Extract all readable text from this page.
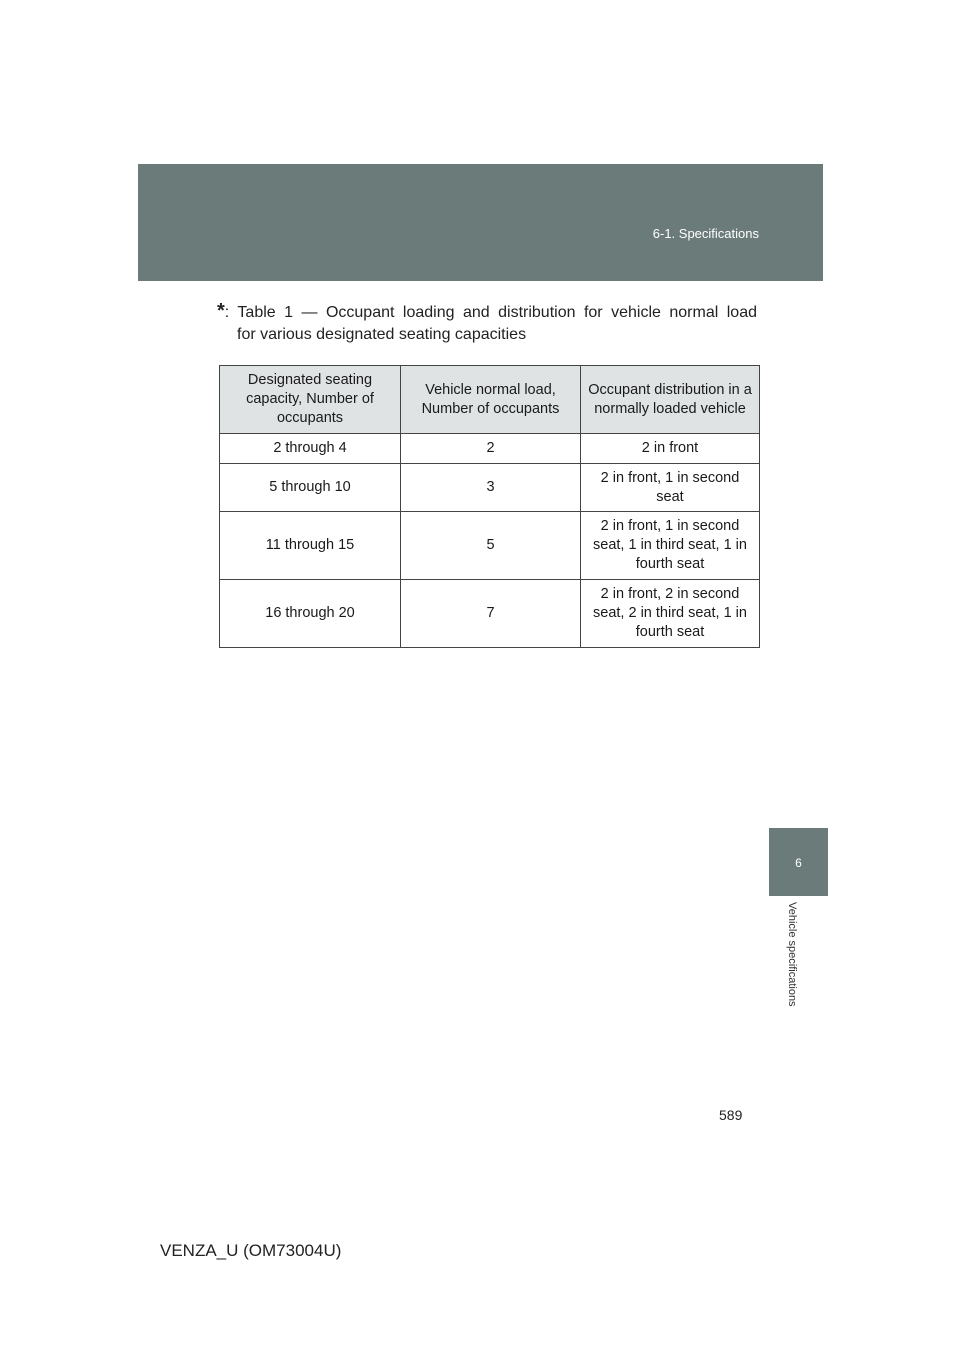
6-1. Specifications
6
Vehicle specifications
*: Table 1 — Occupant loading and distribution for vehicle normal load
for various designated seating capacities
Designated seating capacity, Number of occupants	Vehicle normal load, Number of occupants	Occupant distribution in a normally loaded vehicle
2 through 4	2	2 in front
5 through 10	3	2 in front, 1 in second seat
11 through 15	5	2 in front, 1 in second seat, 1 in third seat, 1 in fourth seat
16 through 20	7	2 in front, 2 in second seat, 2 in third seat, 1 in fourth seat
589
VENZA_U (OM73004U)
